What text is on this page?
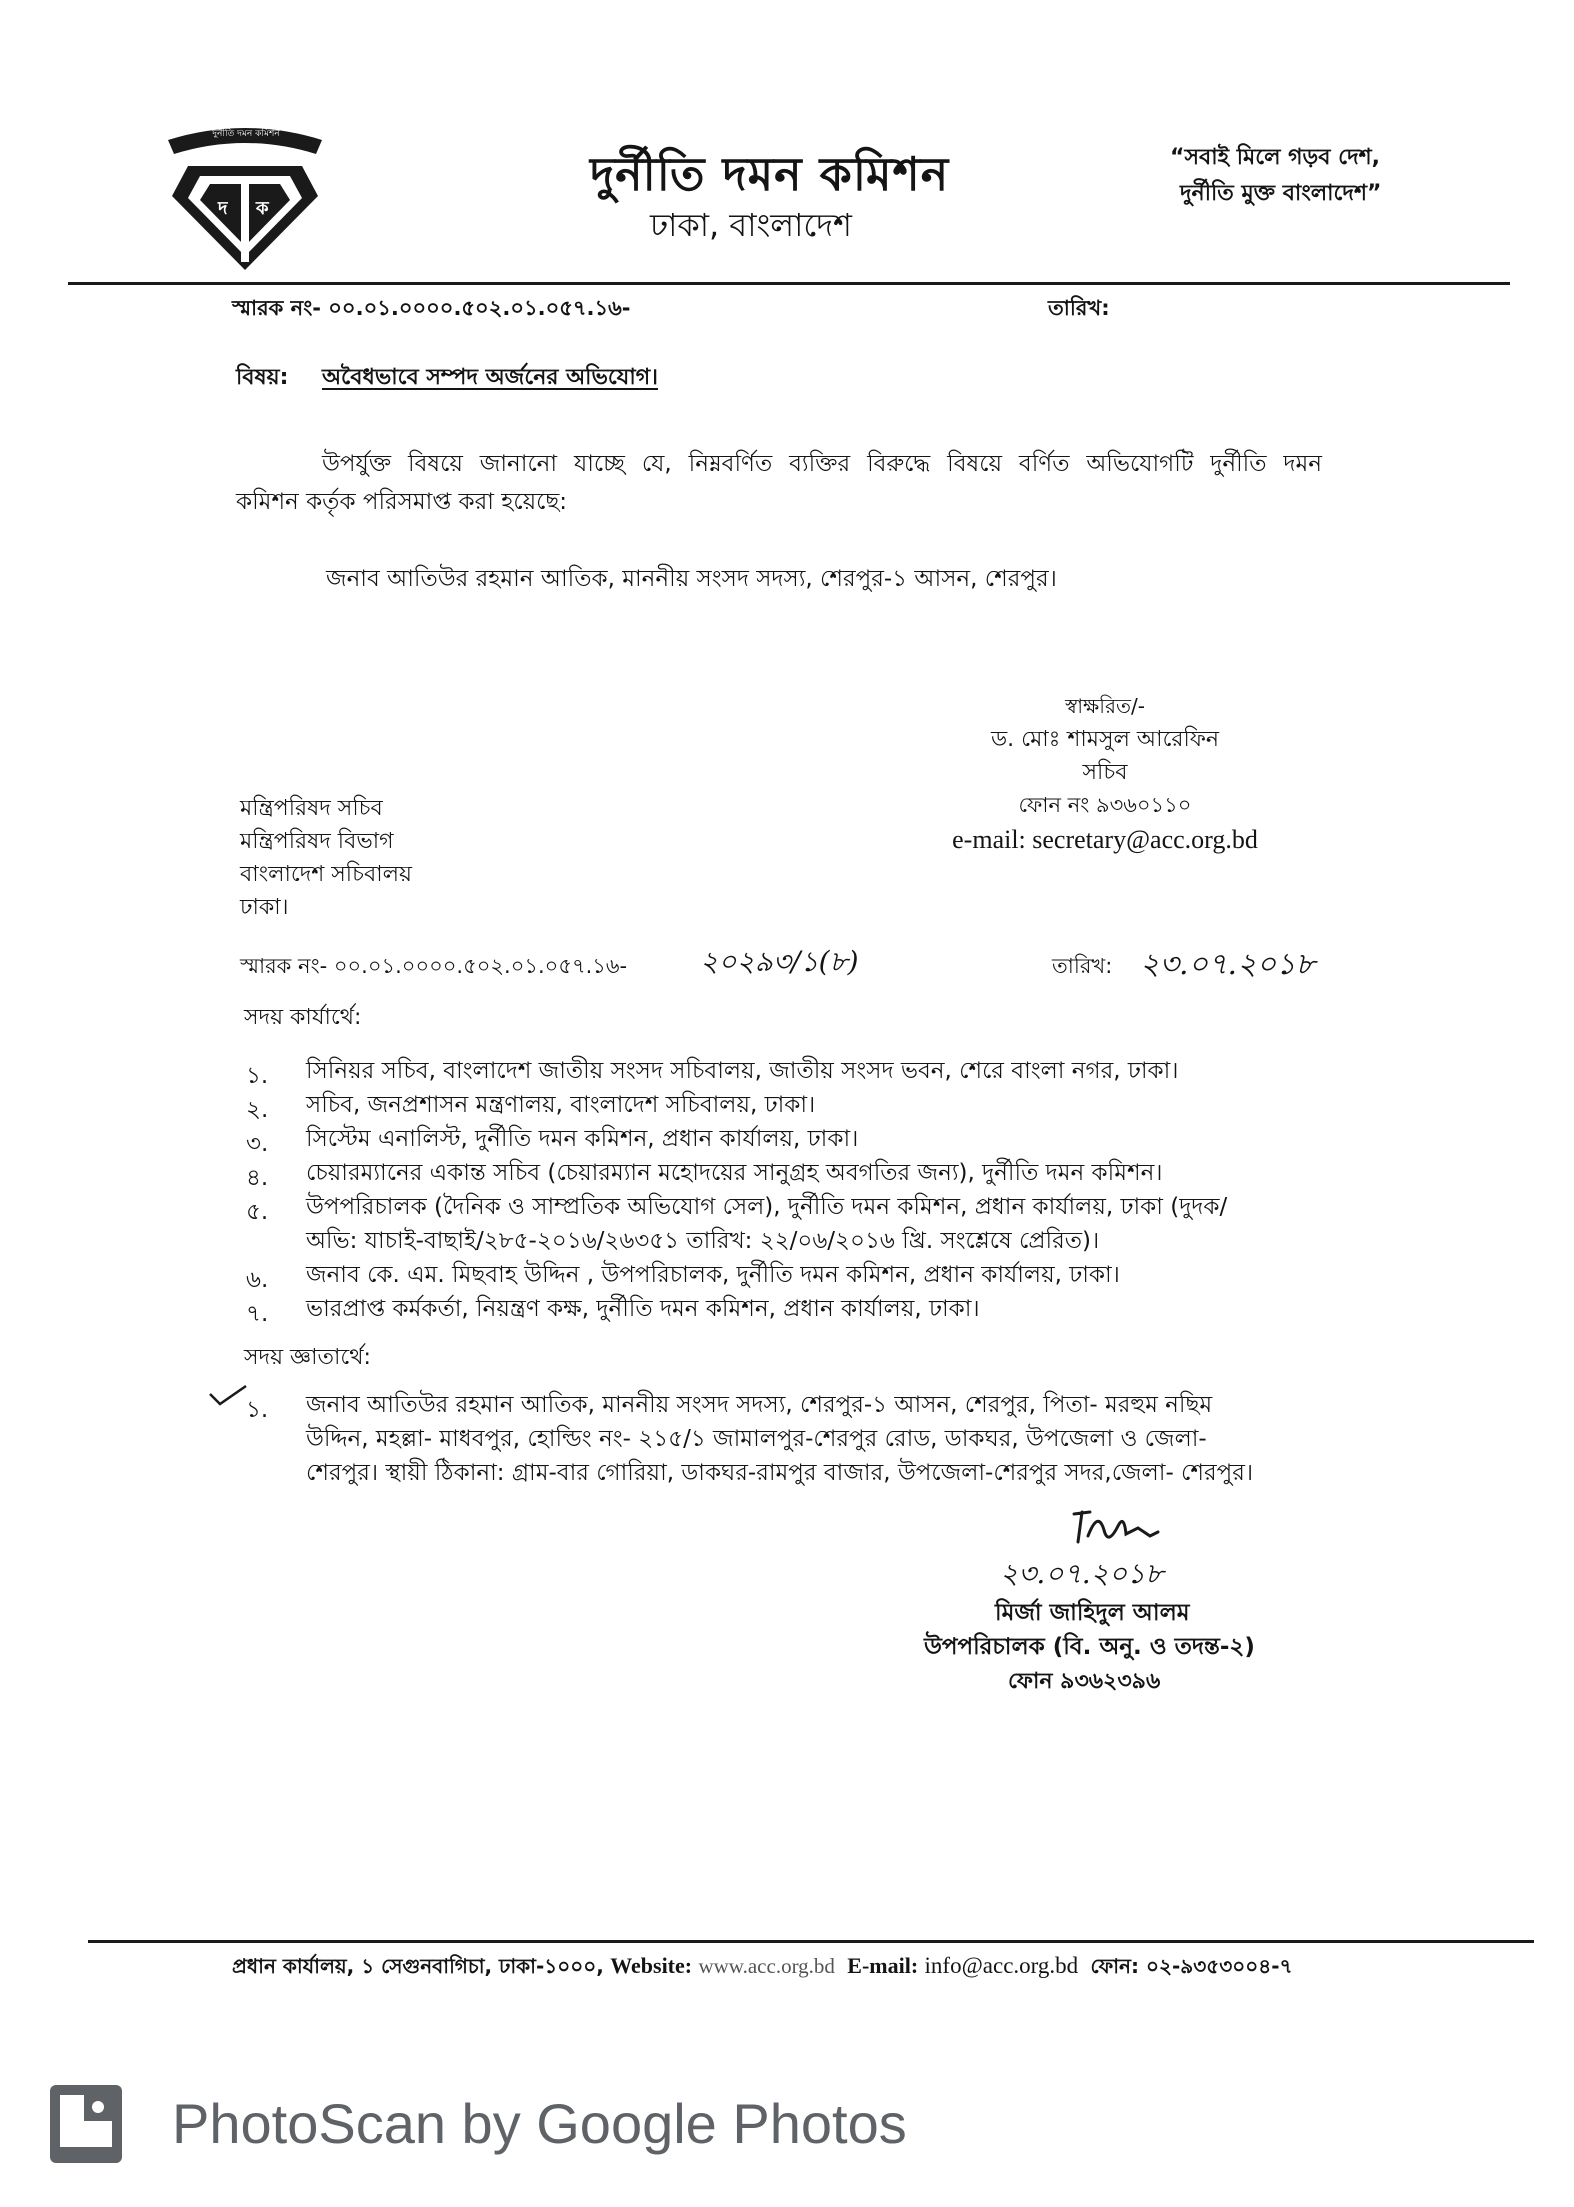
দুর্নীতি দমন কমিশন
দ ক
দুর্নীতি দমন কমিশন
ঢাকা, বাংলাদেশ
“সবাই মিলে গড়ব দেশ,
দুর্নীতি মুক্ত বাংলাদেশ”
স্মারক নং- ০০.০১.০০০০.৫০২.০১.০৫৭.১৬-	তারিখ:
বিষয়: অবৈধভাবে সম্পদ অর্জনের অভিযোগ।
উপর্যুক্ত বিষয়ে জানানো যাচ্ছে যে, নিম্নবর্ণিত ব্যক্তির বিরুদ্ধে বিষয়ে বর্ণিত অভিযোগটি দুর্নীতি দমন
কমিশন কর্তৃক পরিসমাপ্ত করা হয়েছে:
জনাব আতিউর রহমান আতিক, মাননীয় সংসদ সদস্য, শেরপুর-১ আসন, শেরপুর।
স্বাক্ষরিত/-
ড. মোঃ শামসুল আরেফিন
সচিব
ফোন নং ৯৩৬০১১০
e-mail: secretary@acc.org.bd
মন্ত্রিপরিষদ সচিব
মন্ত্রিপরিষদ বিভাগ
বাংলাদেশ সচিবালয়
ঢাকা।
স্মারক নং- ০০.০১.০০০০.৫০২.০১.০৫৭.১৬-	২০২৯৩/১(৮)	তারিখ: ২৩.০৭.২০১৮
সদয় কার্যার্থে:
১. সিনিয়র সচিব, বাংলাদেশ জাতীয় সংসদ সচিবালয়, জাতীয় সংসদ ভবন, শেরে বাংলা নগর, ঢাকা।
২. সচিব, জনপ্রশাসন মন্ত্রণালয়, বাংলাদেশ সচিবালয়, ঢাকা।
৩. সিস্টেম এনালিস্ট, দুর্নীতি দমন কমিশন, প্রধান কার্যালয়, ঢাকা।
৪. চেয়ারম্যানের একান্ত সচিব (চেয়ারম্যান মহোদয়ের সানুগ্রহ অবগতির জন্য), দুর্নীতি দমন কমিশন।
৫. উপপরিচালক (দৈনিক ও সাম্প্রতিক অভিযোগ সেল), দুর্নীতি দমন কমিশন, প্রধান কার্যালয়, ঢাকা (দুদক/
অভি: যাচাই-বাছাই/২৮৫-২০১৬/২৬৩৫১ তারিখ: ২২/০৬/২০১৬ খ্রি. সংশ্লেষে প্রেরিত)।
৬. জনাব কে. এম. মিছবাহ উদ্দিন , উপপরিচালক, দুর্নীতি দমন কমিশন, প্রধান কার্যালয়, ঢাকা।
৭. ভারপ্রাপ্ত কর্মকর্তা, নিয়ন্ত্রণ কক্ষ, দুর্নীতি দমন কমিশন, প্রধান কার্যালয়, ঢাকা।
সদয় জ্ঞাতার্থে:
১. জনাব আতিউর রহমান আতিক, মাননীয় সংসদ সদস্য, শেরপুর-১ আসন, শেরপুর, পিতা- মরহুম নছিম
উদ্দিন, মহল্লা- মাধবপুর, হোল্ডিং নং- ২১৫/১ জামালপুর-শেরপুর রোড, ডাকঘর, উপজেলা ও জেলা-
শেরপুর। স্থায়ী ঠিকানা: গ্রাম-বার গোরিয়া, ডাকঘর-রামপুর বাজার, উপজেলা-শেরপুর সদর,জেলা- শেরপুর।
২৩.০৭.২০১৮
মির্জা জাহিদুল আলম
উপপরিচালক (বি. অনু. ও তদন্ত-২)
ফোন ৯৩৬২৩৯৬
প্রধান কার্যালয়, ১ সেগুনবাগিচা, ঢাকা-১০০০, Website: www.acc.org.bd E-mail: info@acc.org.bd ফোন: ০২-৯৩৫৩০০৪-৭
PhotoScan by Google Photos
